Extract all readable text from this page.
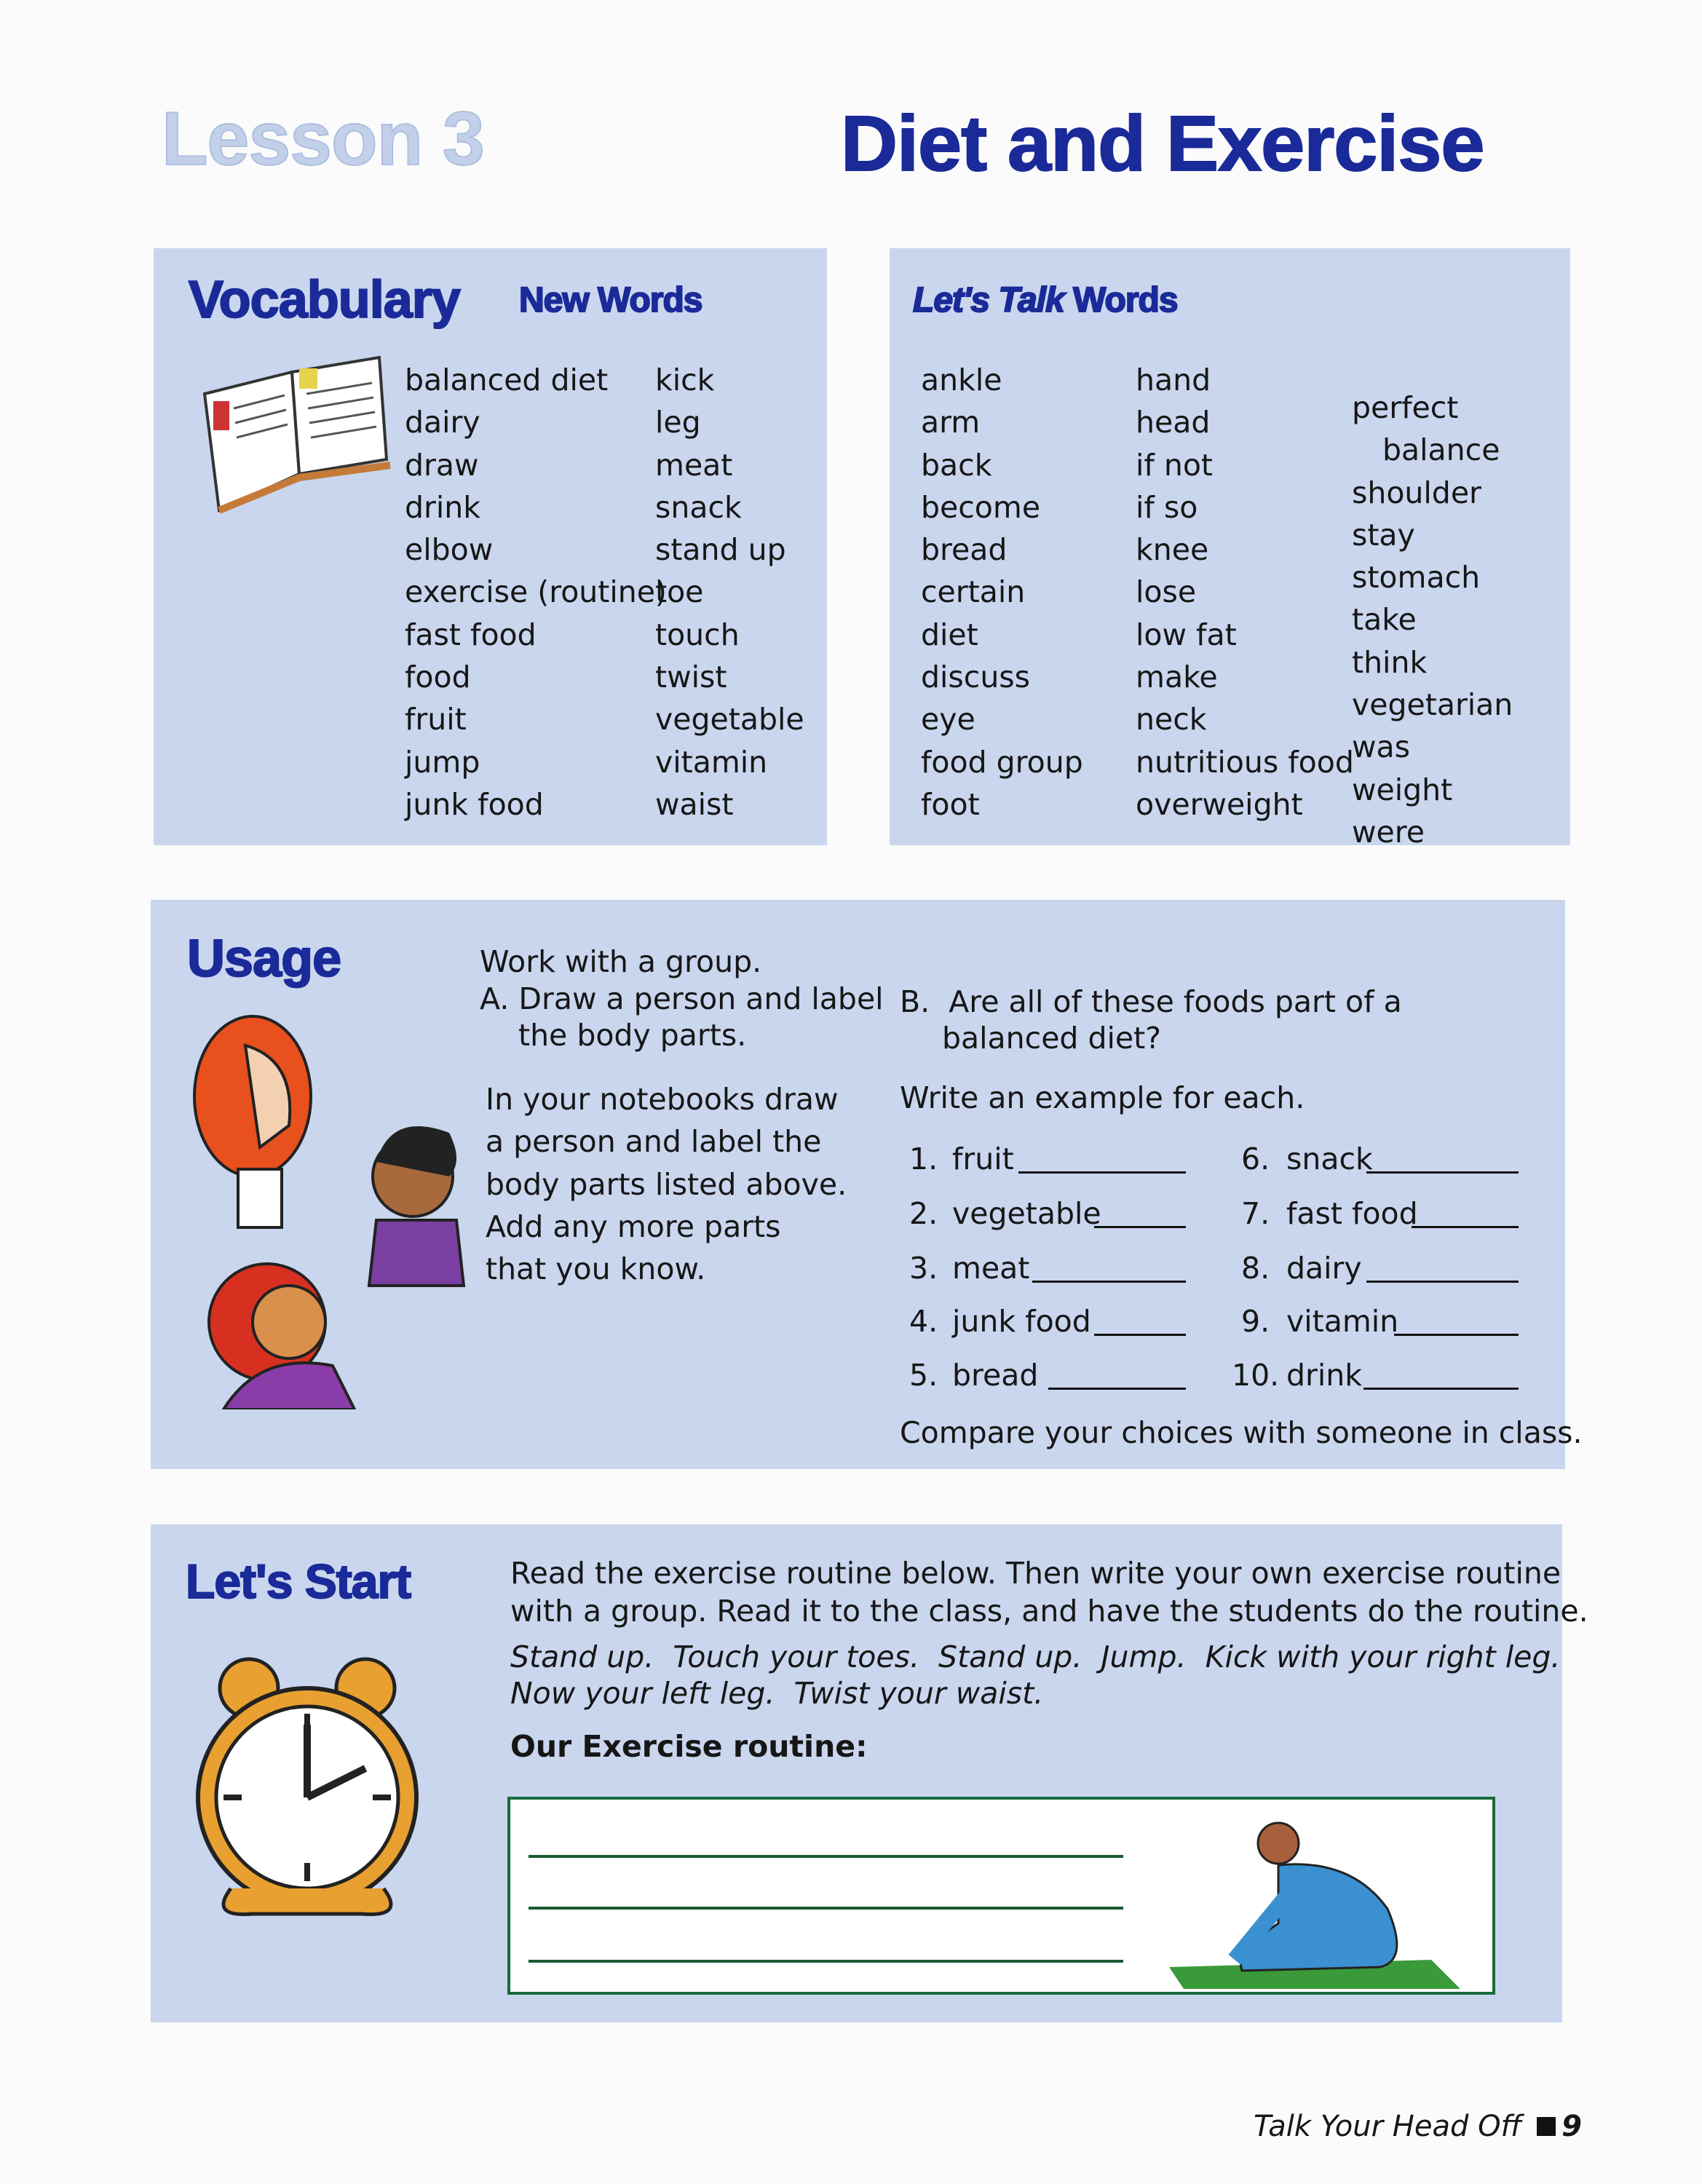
Lesson 3	Diet and Exercise
Vocabulary New Words
balanced diet
dairy
draw
drink
elbow
exercise (routine)
fast food
food
fruit
jump
junk food
kick
leg
meat
snack
stand up
toe
touch
twist
vegetable
vitamin
waist
Let's Talk Words
ankle
arm
back
become
bread
certain
diet
discuss
eye
food group
foot
hand
head
if not
if so
knee
lose
low fat
make
neck
nutritious food
overweight

perfect
balance
shoulder
stay
stomach
take
think
vegetarian
was
weight
were

Usage	Work with a group.
A. Draw a person and label
the body parts.
In your notebooks draw
a person and label the
body parts listed above.
Add any more parts
that you know.
B.  Are all of these foods part of a
balanced diet?
Write an example for each.
1. fruit
2. vegetable
3. meat
4. junk food
5. bread
6. snack
7. fast food
8. dairy
9. vitamin
10. drink
Compare your choices with someone in class.
Let's Start	Read the exercise routine below. Then write your own exercise routine
with a group. Read it to the class, and have the students do the routine.
Stand up.  Touch your toes.  Stand up.  Jump.  Kick with your right leg.
Now your left leg.  Twist your waist.
Our Exercise routine:
Talk Your Head Off 9
